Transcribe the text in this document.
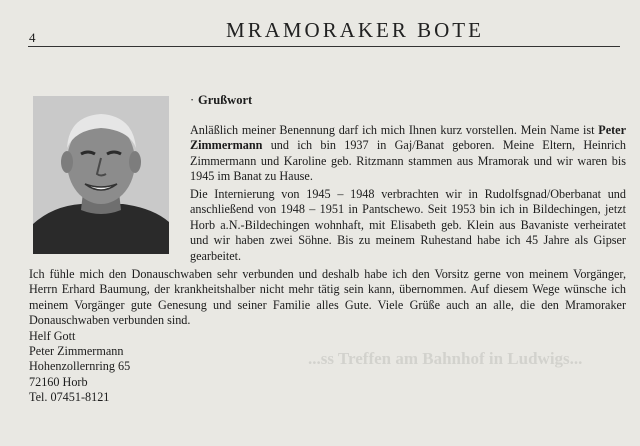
4	MRAMORAKER BOTE
· Grußwort

Anläßlich meiner Benennung darf ich mich Ihnen kurz vorstellen. Mein Name ist Peter Zimmermann und ich bin 1937 in Gaj/Banat geboren. Meine Eltern, Heinrich Zimmermann und Karoline geb. Ritzmann stammen aus Mramorak und wir waren bis 1945 im Banat zu Hause.

Die Internierung von 1945 – 1948 verbrachten wir in Rudolfsgnad/Oberbanat und anschließend von 1948 – 1951 in Pantschewo. Seit 1953 bin ich in Bildechingen, jetzt Horb a.N.-Bildechingen wohnhaft, mit Elisabeth geb. Klein aus Bavaniste verheiratet und wir haben zwei Söhne. Bis zu meinem Ruhestand habe ich 45 Jahre als Gipser gearbeitet.

Ich fühle mich den Donauschwaben sehr verbunden und deshalb habe ich den Vorsitz gerne von meinem Vorgänger, Herrn Erhard Baumung, der krankheitshalber nicht mehr tätig sein kann, übernommen. Auf diesem Wege wünsche ich meinem Vorgänger gute Genesung und seiner Familie alles Gute. Viele Grüße auch an alle, die den Mramoraker Donauschwaben verbunden sind.

Helf Gott
Peter Zimmermann
Hohenzollernring 65
72160 Horb
Tel. 07451-8121
...ss Treffen am Bahnhof in Ludwigs...
